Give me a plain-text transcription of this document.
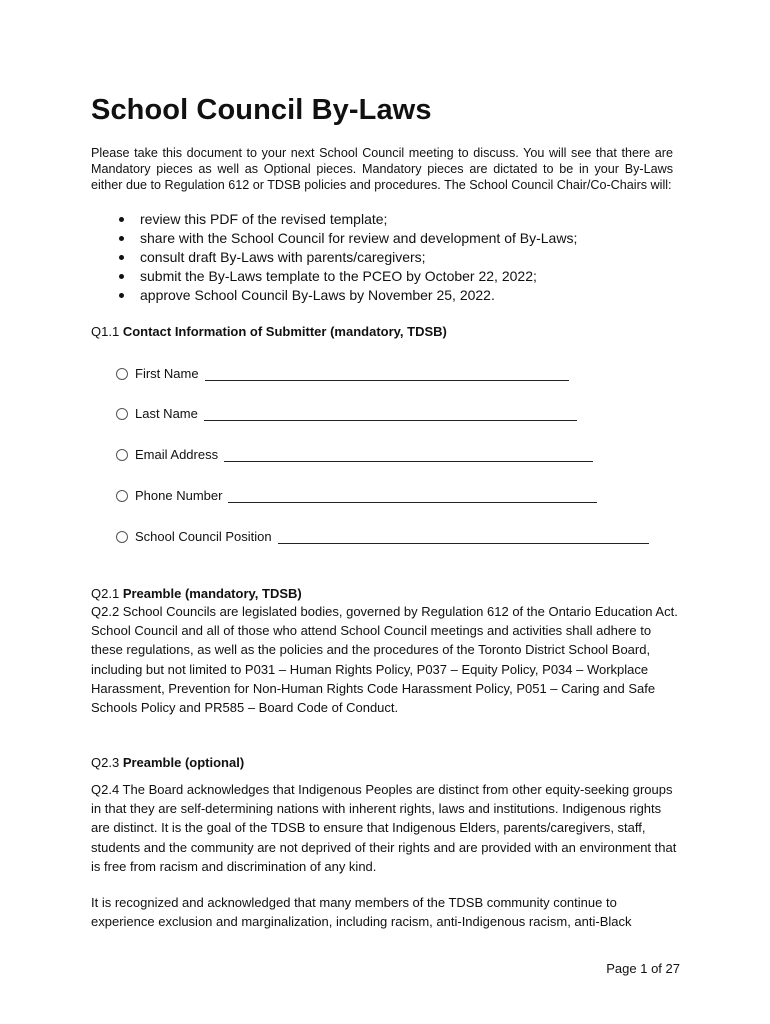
School Council By-Laws

Please take this document to your next School Council meeting to discuss. You will see that there are Mandatory pieces as well as Optional pieces. Mandatory pieces are dictated to be in your By-Laws either due to Regulation 612 or TDSB policies and procedures. The School Council Chair/Co-Chairs will:

review this PDF of the revised template;
share with the School Council for review and development of By-Laws;
consult draft By-Laws with parents/caregivers;
submit the By-Laws template to the PCEO by October 22, 2022;
approve School Council By-Laws by November 25, 2022.
Q1.1 Contact Information of Submitter (mandatory, TDSB)
First Name
Last Name
Email Address
Phone Number
School Council Position
Q2.1 Preamble (mandatory, TDSB)

Q2.2 School Councils are legislated bodies, governed by Regulation 612 of the Ontario Education Act. School Council and all of those who attend School Council meetings and activities shall adhere to these regulations, as well as the policies and the procedures of the Toronto District School Board, including but not limited to P031 – Human Rights Policy, P037 – Equity Policy, P034 – Workplace Harassment, Prevention for Non-Human Rights Code Harassment Policy, P051 – Caring and Safe Schools Policy and PR585 – Board Code of Conduct.

Q2.3 Preamble (optional)

Q2.4 The Board acknowledges that Indigenous Peoples are distinct from other equity-seeking groups in that they are self-determining nations with inherent rights, laws and institutions. Indigenous rights are distinct. It is the goal of the TDSB to ensure that Indigenous Elders, parents/caregivers, staff, students and the community are not deprived of their rights and are provided with an environment that is free from racism and discrimination of any kind.

It is recognized and acknowledged that many members of the TDSB community continue to experience exclusion and marginalization, including racism, anti-Indigenous racism, anti-Black

Page 1 of 27
